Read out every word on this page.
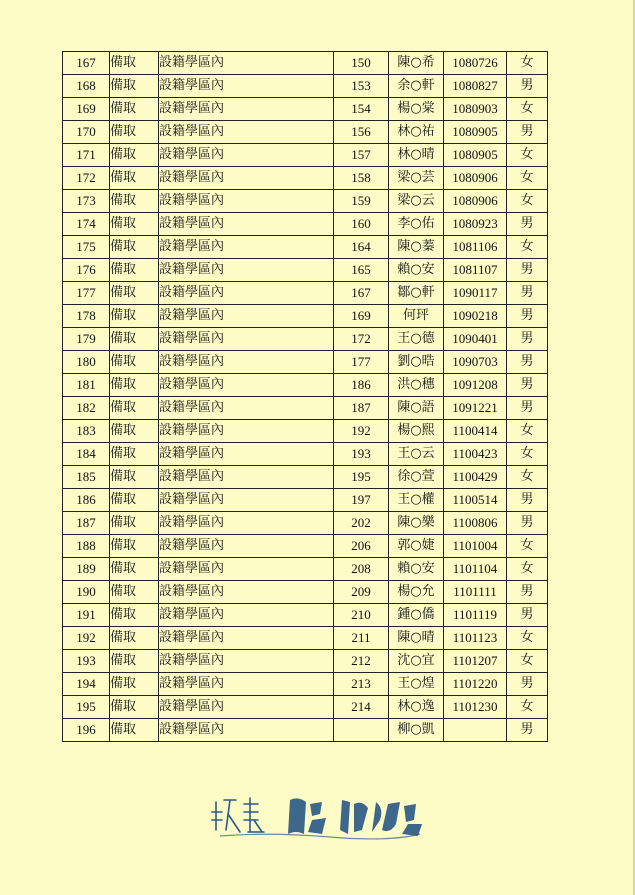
167	備取	設籍學區內	150	陳○希	1080726	女
168	備取	設籍學區內	153	余○軒	1080827	男
169	備取	設籍學區內	154	楊○棠	1080903	女
170	備取	設籍學區內	156	林○祐	1080905	男
171	備取	設籍學區內	157	林○晴	1080905	女
172	備取	設籍學區內	158	梁○芸	1080906	女
173	備取	設籍學區內	159	梁○云	1080906	女
174	備取	設籍學區內	160	李○佑	1080923	男
175	備取	設籍學區內	164	陳○蓁	1081106	女
176	備取	設籍學區內	165	賴○安	1081107	男
177	備取	設籍學區內	167	鄒○軒	1090117	男
178	備取	設籍學區內	169	何玶	1090218	男
179	備取	設籍學區內	172	王○德	1090401	男
180	備取	設籍學區內	177	劉○晧	1090703	男
181	備取	設籍學區內	186	洪○穗	1091208	男
182	備取	設籍學區內	187	陳○語	1091221	男
183	備取	設籍學區內	192	楊○熙	1100414	女
184	備取	設籍學區內	193	王○云	1100423	女
185	備取	設籍學區內	195	徐○萱	1100429	女
186	備取	設籍學區內	197	王○權	1100514	男
187	備取	設籍學區內	202	陳○樂	1100806	男
188	備取	設籍學區內	206	郭○婕	1101004	女
189	備取	設籍學區內	208	賴○安	1101104	女
190	備取	設籍學區內	209	楊○允	1101111	男
191	備取	設籍學區內	210	鍾○僑	1101119	男
192	備取	設籍學區內	211	陳○晴	1101123	女
193	備取	設籍學區內	212	沈○宜	1101207	女
194	備取	設籍學區內	213	王○煌	1101220	男
195	備取	設籍學區內	214	林○逸	1101230	女
196	備取	設籍學區內		柳○凱		男
